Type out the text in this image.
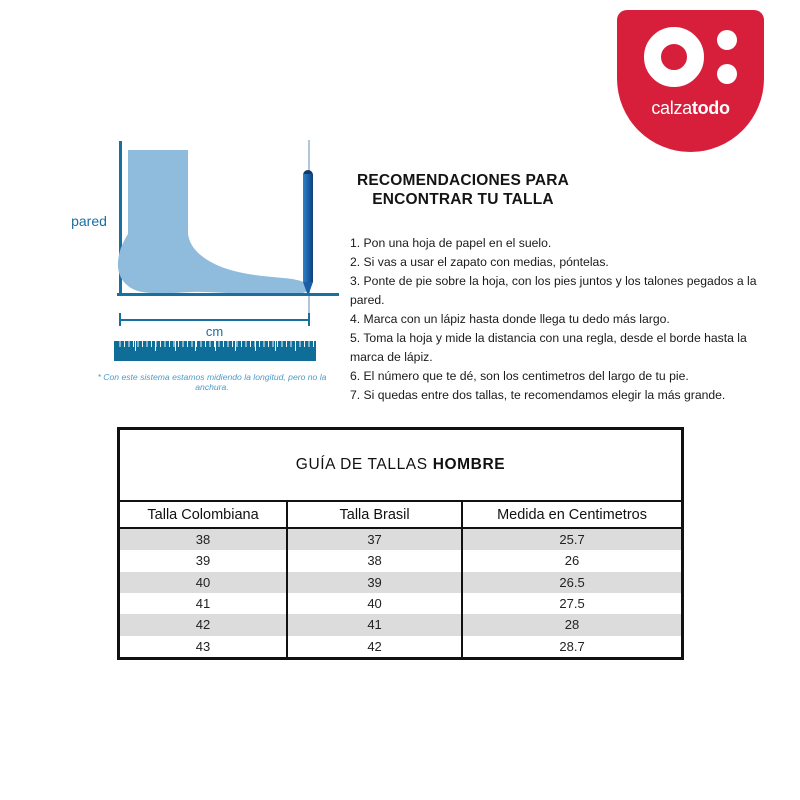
calzatodo
pared
cm
* Con este sistema estamos midiendo la longitud, pero no la anchura.
RECOMENDACIONES PARA
ENCONTRAR TU TALLA
1. Pon una hoja de papel en el suelo.
2. Si vas a usar el zapato con medias, póntelas.
3. Ponte de pie sobre la hoja, con los pies juntos y los talones pegados a la pared.
4. Marca con un lápiz hasta donde llega tu dedo más largo.
5. Toma la hoja y mide la distancia con una regla, desde el borde hasta la marca de lápiz.
6. El número que te dé, son los centimetros del largo de tu pie.
7. Si quedas entre dos tallas, te recomendamos elegir la más grande.
GUÍA DE TALLAS HOMBRE
Talla Colombiana	Talla Brasil	Medida en Centimetros
38	37	25.7
39	38	26
40	39	26.5
41	40	27.5
42	41	28
43	42	28.7
